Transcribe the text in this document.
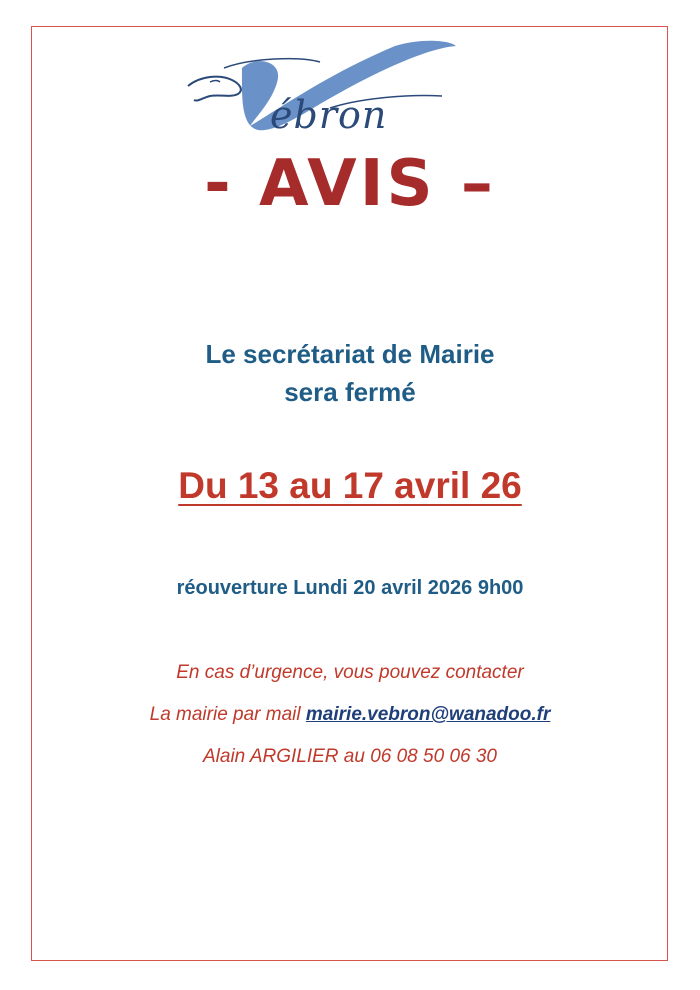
ébron
- AVIS –
Le secrétariat de Mairie
sera fermé
Du 13 au 17 avril 26
réouverture Lundi 20 avril 2026 9h00
En cas d’urgence, vous pouvez contacter
La mairie par mail mairie.vebron@wanadoo.fr
Alain ARGILIER au 06 08 50 06 30
